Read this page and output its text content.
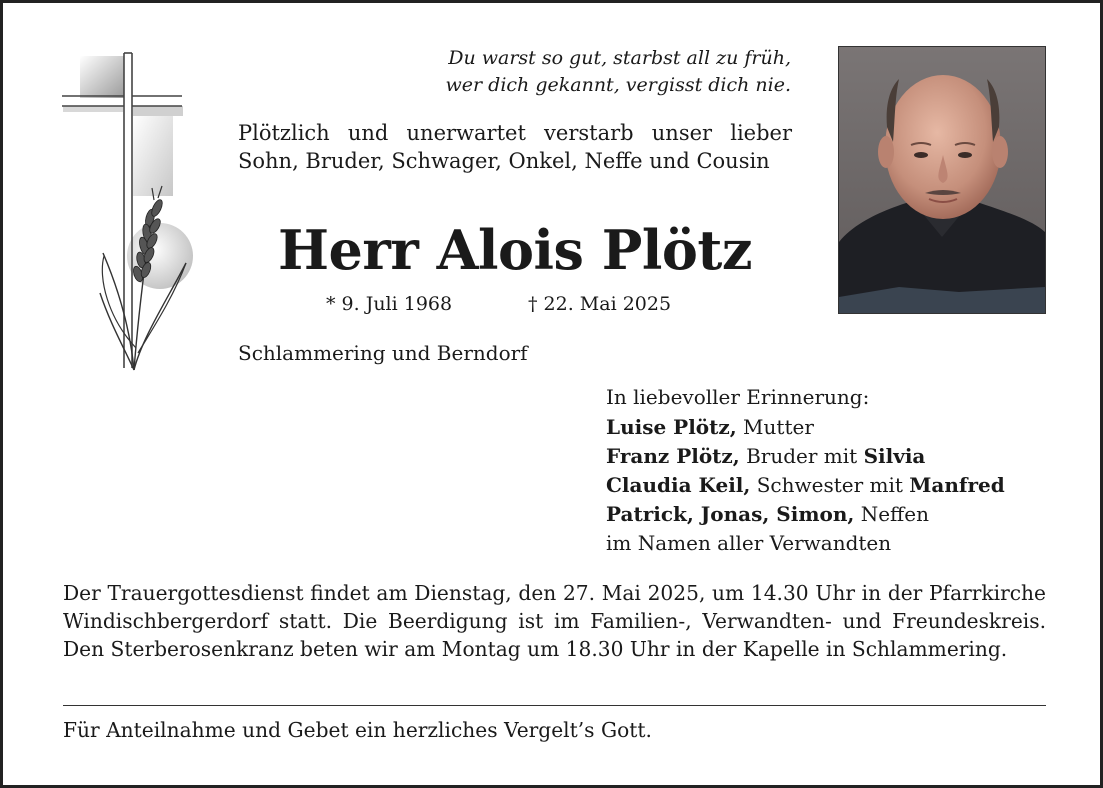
Du warst so gut, starbst all zu früh,
wer dich gekannt, vergisst dich nie.
Plötzlich und unerwartet verstarb unser lieber Sohn, Bruder, Schwager, Onkel, Neffe und Cousin
Herr Alois Plötz
* 9. Juli 1968	† 22. Mai 2025
Schlammering und Berndorf
In liebevoller Erinnerung:
Luise Plötz, Mutter
Franz Plötz, Bruder mit Silvia
Claudia Keil, Schwester mit Manfred
Patrick, Jonas, Simon, Neffen
im Namen aller Verwandten
Der Trauergottesdienst findet am Dienstag, den 27. Mai 2025, um 14.30 Uhr in der Pfarrkirche Windischbergerdorf statt. Die Beerdigung ist im Familien-, Verwandten- und Freundeskreis. Den Sterberosenkranz beten wir am Montag um 18.30 Uhr in der Kapelle in Schlammering.
Für Anteilnahme und Gebet ein herzliches Vergelt’s Gott.
